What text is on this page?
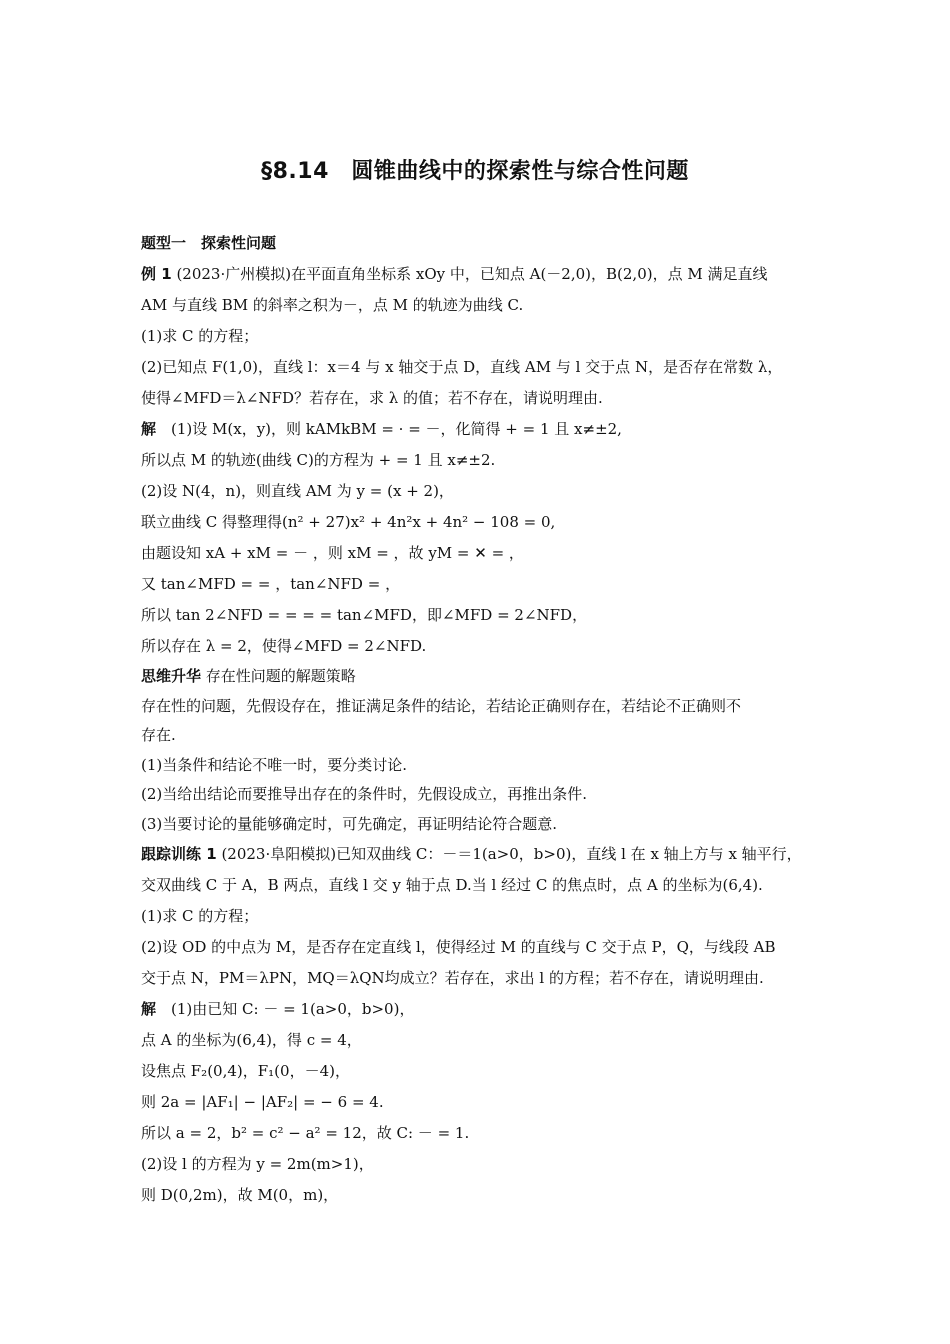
§8.14　圆锥曲线中的探索性与综合性问题
题型一　探索性问题
例 1 (2023·广州模拟)在平面直角坐标系 xOy 中，已知点 A(－2,0)，B(2,0)，点 M 满足直线
AM 与直线 BM 的斜率之积为－，点 M 的轨迹为曲线 C.
(1)求 C 的方程；
(2)已知点 F(1,0)，直线 l：x＝4 与 x 轴交于点 D，直线 AM 与 l 交于点 N，是否存在常数 λ，
使得∠MFD＝λ∠NFD？若存在，求 λ 的值；若不存在，请说明理由.
解　(1)设 M(x，y)，则 kAMkBM = · = －，化简得 + = 1 且 x≠±2,
所以点 M 的轨迹(曲线 C)的方程为 + = 1 且 x≠±2.
(2)设 N(4，n)，则直线 AM 为 y = (x + 2)，
联立曲线 C 得整理得(n² + 27)x² + 4n²x + 4n² − 108 = 0,
由题设知 xA + xM = － ，则 xM = ，故 yM = ✕ = ，
又 tan∠MFD = = ，tan∠NFD = ，
所以 tan 2∠NFD = = = = tan∠MFD，即∠MFD = 2∠NFD，
所以存在 λ = 2，使得∠MFD = 2∠NFD.
思维升华 存在性问题的解题策略
存在性的问题，先假设存在，推证满足条件的结论，若结论正确则存在，若结论不正确则不
存在.
(1)当条件和结论不唯一时，要分类讨论.
(2)当给出结论而要推导出存在的条件时，先假设成立，再推出条件.
(3)当要讨论的量能够确定时，可先确定，再证明结论符合题意.
跟踪训练 1 (2023·阜阳模拟)已知双曲线 C：－＝1(a>0，b>0)，直线 l 在 x 轴上方与 x 轴平行，
交双曲线 C 于 A，B 两点，直线 l 交 y 轴于点 D.当 l 经过 C 的焦点时，点 A 的坐标为(6,4).
(1)求 C 的方程；
(2)设 OD 的中点为 M，是否存在定直线 l，使得经过 M 的直线与 C 交于点 P，Q，与线段 AB
交于点 N，PM＝λPN，MQ＝λQN均成立？若存在，求出 l 的方程；若不存在，请说明理由.
解　(1)由已知 C: － = 1(a>0，b>0)，
点 A 的坐标为(6,4)，得 c = 4，
设焦点 F₂(0,4)，F₁(0，－4)，
则 2a = |AF₁| − |AF₂| = − 6 = 4.
所以 a = 2，b² = c² − a² = 12，故 C: － = 1.
(2)设 l 的方程为 y = 2m(m>1)，
则 D(0,2m)，故 M(0，m)，
